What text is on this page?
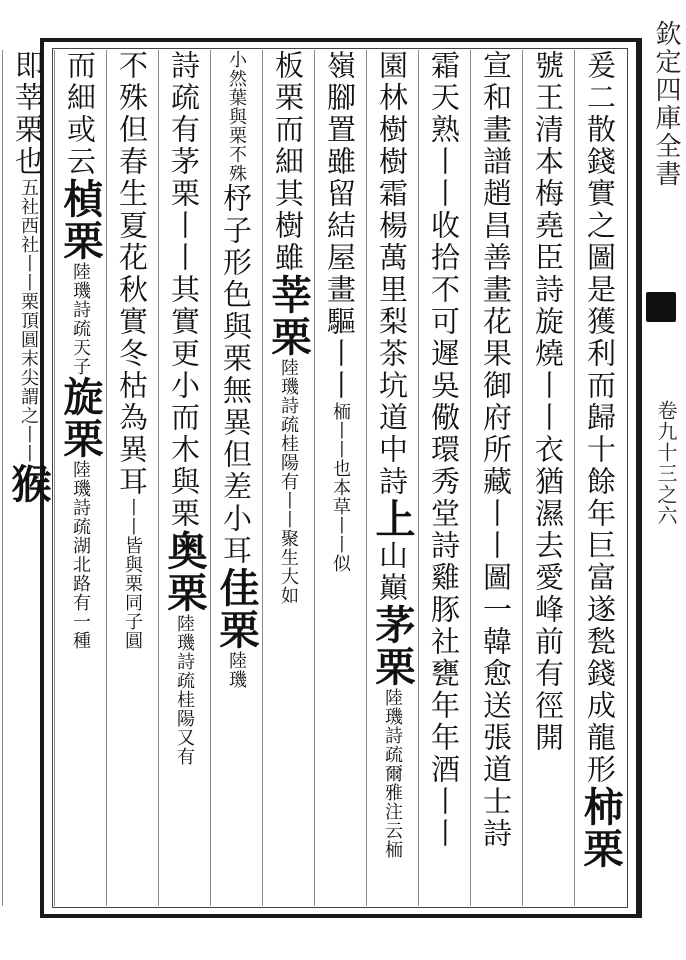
欽定四庫全書
卷九十三之六
爰二散錢實之圖是獲利而歸十餘年巨富遂甃錢成龍形柿栗
號王清本梅堯臣詩旋燒丨丨衣猶濕去愛峰前有徑開
宣和畫譜趙昌善畫花果御府所藏丨丨圖一韓愈送張道士詩
霜天熟丨丨收拾不可遲吳儆環秀堂詩雞豚社甕年年酒丨丨
園林樹樹霜楊萬里梨茶坑道中詩上山巔茅栗陸璣詩疏爾雅注云栭
嶺腳置雖留結屋畫驅丨丨栭丨丨也本草丨丨似
板栗而細其樹雖莘栗陸璣詩疏桂陽有丨丨聚生大如
小然葉與栗不殊杼子形色與栗無異但差小耳佳栗陸璣
詩疏有茅栗丨丨其實更小而木與栗奥栗陸璣詩疏桂陽又有
不殊但春生夏花秋實冬枯為異耳丨丨皆與栗同子圓
而細或云楨栗陸璣詩疏天子旋栗陸璣詩疏湖北路有一種
即莘栗也五社西社丨丨栗頂圓末尖謂之丨丨猴
